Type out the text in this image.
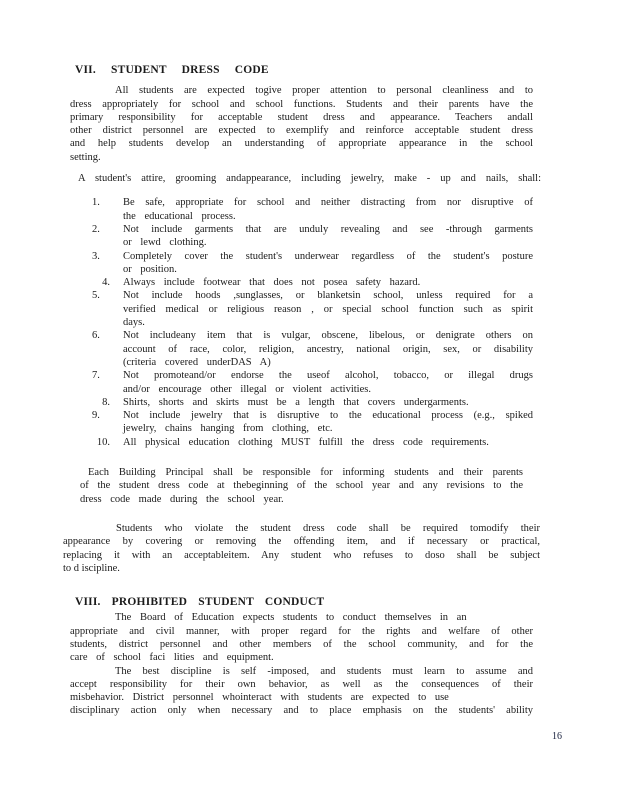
VII. STUDENT DRESS CODE
All students are expected togive proper attention to personal cleanliness and to
dress appropriately for school and school functions. Students and their parents have the
primary responsibility for acceptable student dress and appearance. Teachers andall
other district personnel are expected to exemplify and reinforce acceptable student dress
and help students develop an understanding of appropriate appearance in the school
setting.
A student's attire, grooming andappearance, including jewelry, make - up and nails, shall:
Be safe, appropriate for school and neither distracting from nor disruptive of
1.
the educational process.
Not include garments that are unduly revealing and see -through garments
2.
or lewd clothing.
Completely cover the student's underwear regardless of the student's posture
3.
or position.
Always include footwear that does not posea safety hazard.
4.
Not include hoods ,sunglasses, or blanketsin school, unless required for a
5.
verified medical or religious reason , or special school function such as spirit
days.
Not includeany item that is vulgar, obscene, libelous, or denigrate others on
6.
account of race, color, religion, ancestry, national origin, sex, or disability
(criteria covered underDAS A)
Not promoteand/or endorse the useof alcohol, tobacco, or illegal drugs
7.
and/or encourage other illegal or violent activities.
Shirts, shorts and skirts must be a length that covers undergarments.
8.
Not include jewelry that is disruptive to the educational process (e.g., spiked
9.
jewelry, chains hanging from clothing, etc.
All physical education clothing MUST fulfill the dress code requirements.
10.
Each Building Principal shall be responsible for informing students and their parents
of the student dress code at thebeginning of the school year and any revisions to the
dress code made during the school year.
Students who violate the student dress code shall be required tomodify their
appearance by covering or removing the offending item, and if necessary or practical,
replacing it with an acceptableitem. Any student who refuses to doso shall be subject
to d iscipline.
VIII. PROHIBITED STUDENT CONDUCT
The Board of Education expects students to conduct themselves in an
appropriate and civil manner, with proper regard for the rights and welfare of other
students, district personnel and other members of the school community, and for the
care of school faci lities and equipment.
The best discipline is self -imposed, and students must learn to assume and
accept responsibility for their own behavior, as well as the consequences of their
misbehavior. District personnel whointeract with students are expected to use
disciplinary action only when necessary and to place emphasis on the students' ability
16
